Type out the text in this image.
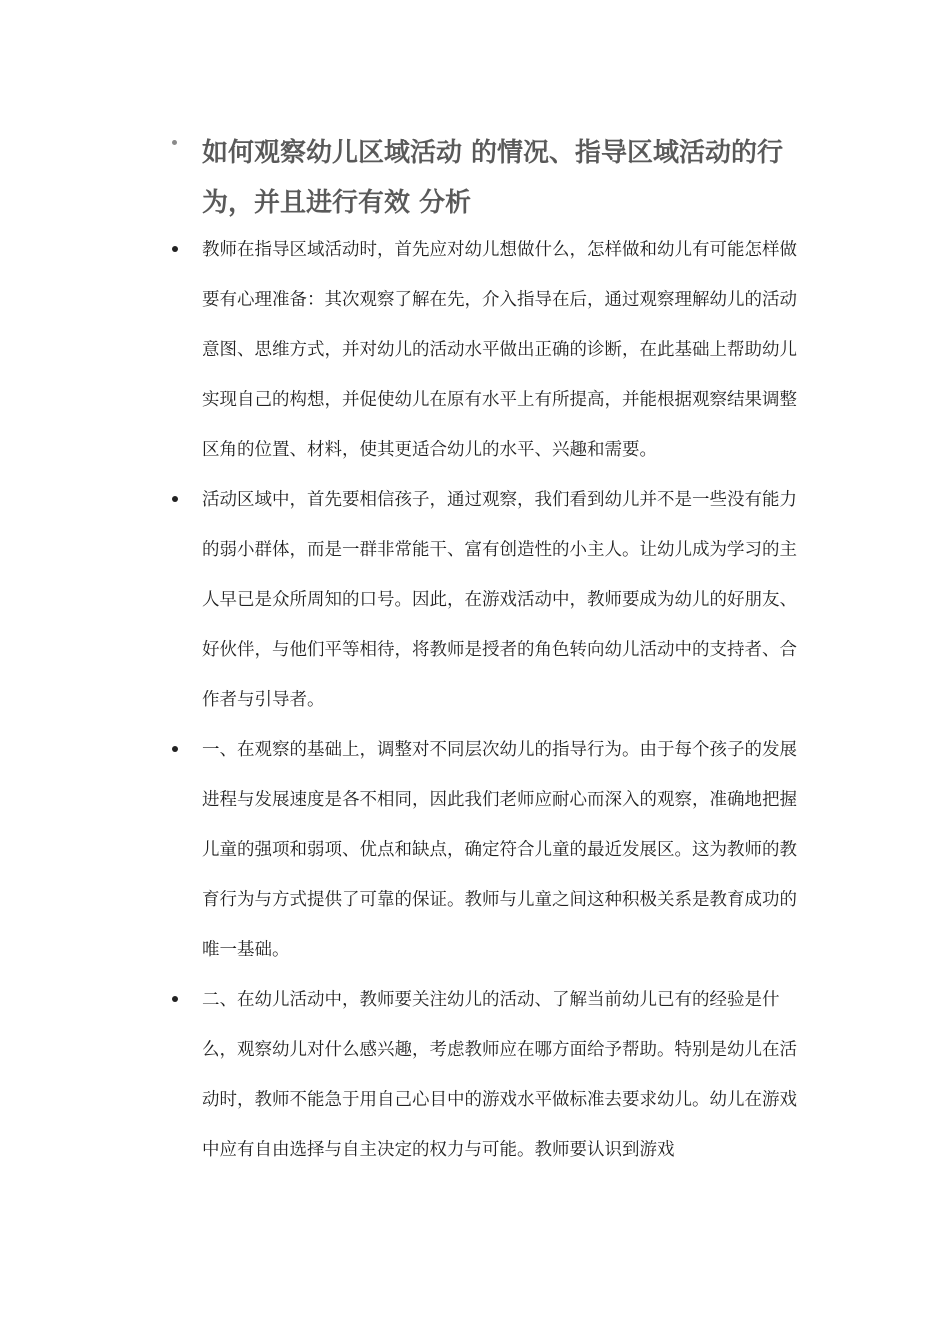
如何观察幼儿区域活动 的情况、指导区域活动的行为，并且进行有效 分析
教师在指导区域活动时，首先应对幼儿想做什么，怎样做和幼儿有可能怎样做要有心理准备：其次观察了解在先，介入指导在后，通过观察理解幼儿的活动意图、思维方式，并对幼儿的活动水平做出正确的诊断，在此基础上帮助幼儿实现自己的构想，并促使幼儿在原有水平上有所提高，并能根据观察结果调整区角的位置、材料，使其更适合幼儿的水平、兴趣和需要。
活动区域中，首先要相信孩子，通过观察，我们看到幼儿并不是一些没有能力的弱小群体，而是一群非常能干、富有创造性的小主人。让幼儿成为学习的主人早已是众所周知的口号。因此，在游戏活动中，教师要成为幼儿的好朋友、好伙伴，与他们平等相待，将教师是授者的角色转向幼儿活动中的支持者、合作者与引导者。
一、在观察的基础上，调整对不同层次幼儿的指导行为。由于每个孩子的发展进程与发展速度是各不相同，因此我们老师应耐心而深入的观察，准确地把握儿童的强项和弱项、优点和缺点，确定符合儿童的最近发展区。这为教师的教育行为与方式提供了可靠的保证。教师与儿童之间这种积极关系是教育成功的唯一基础。
二、在幼儿活动中，教师要关注幼儿的活动、了解当前幼儿已有的经验是什么，观察幼儿对什么感兴趣，考虑教师应在哪方面给予帮助。特别是幼儿在活动时，教师不能急于用自己心目中的游戏水平做标准去要求幼儿。幼儿在游戏中应有自由选择与自主决定的权力与可能。教师要认识到游戏
